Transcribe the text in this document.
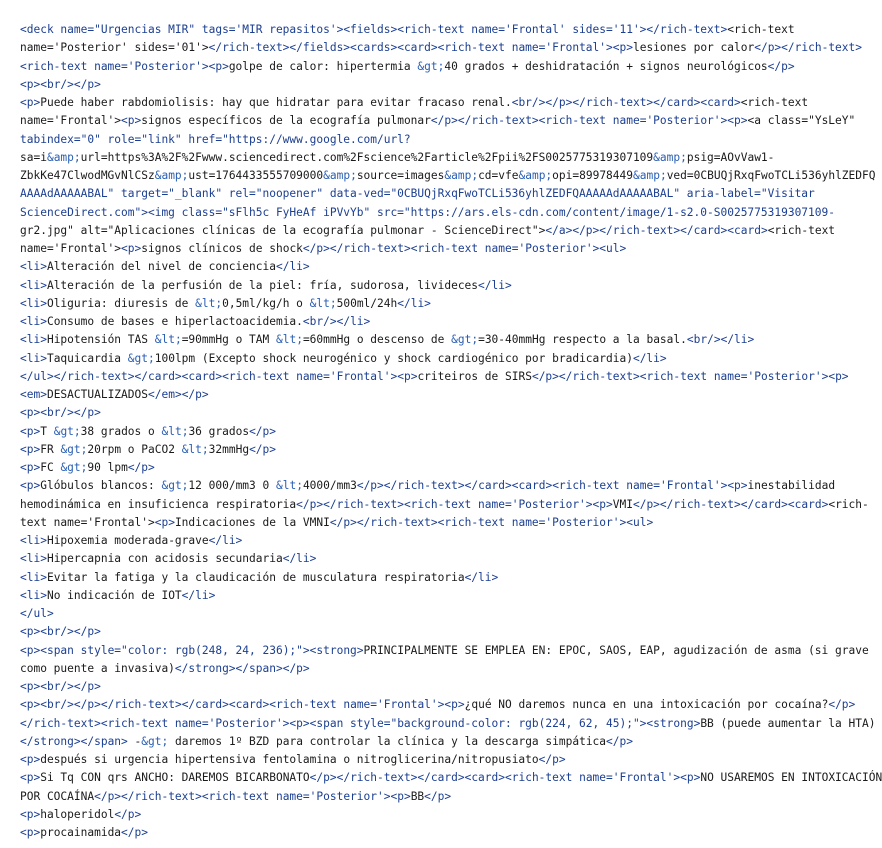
<deck name="Urgencias MIR" tags='MIR repasitos'><fields><rich-text name='Frontal' sides='11'></rich-text><rich-text
name='Posterior' sides='01'></rich-text></fields><cards><card><rich-text name='Frontal'><p>lesiones por calor</p></rich-text>
<rich-text name='Posterior'><p>golpe de calor: hipertermia &gt;40 grados + deshidratación + signos neurológicos</p>
<p><br/></p>
<p>Puede haber rabdomiolisis: hay que hidratar para evitar fracaso renal.<br/></p></rich-text></card><card><rich-text
name='Frontal'><p>signos específicos de la ecografía pulmonar</p></rich-text><rich-text name='Posterior'><p><a class="YsLeY"
tabindex="0" role="link" href="https://www.google.com/url?
sa=i&amp;url=https%3A%2F%2Fwww.sciencedirect.com%2Fscience%2Farticle%2Fpii%2FS0025775319307109&amp;psig=AOvVaw1-
ZbkKe47ClwodMGvNlCSz&amp;ust=1764433555709000&amp;source=images&amp;cd=vfe&amp;opi=89978449&amp;ved=0CBUQjRxqFwoTCLi536yhlZEDFQ
AAAAdAAAAABAL" target="_blank" rel="noopener" data-ved="0CBUQjRxqFwoTCLi536yhlZEDFQAAAAAdAAAAABAL" aria-label="Visitar
ScienceDirect.com"><img class="sFlh5c FyHeAf iPVvYb" src="https://ars.els-cdn.com/content/image/1-s2.0-S0025775319307109-
gr2.jpg" alt="Aplicaciones clínicas de la ecografía pulmonar - ScienceDirect"></a></p></rich-text></card><card><rich-text
name='Frontal'><p>signos clínicos de shock</p></rich-text><rich-text name='Posterior'><ul>
<li>Alteración del nivel de conciencia</li>
<li>Alteración de la perfusión de la piel: fría, sudorosa, livideces</li>
<li>Oliguria: diuresis de &lt;0,5ml/kg/h o &lt;500ml/24h</li>
<li>Consumo de bases e hiperlactoacidemia.<br/></li>
<li>Hipotensión TAS &lt;=90mmHg o TAM &lt;=60mmHg o descenso de &gt;=30-40mmHg respecto a la basal.<br/></li>
<li>Taquicardia &gt;100lpm (Excepto shock neurogénico y shock cardiogénico por bradicardia)</li>
</ul></rich-text></card><card><rich-text name='Frontal'><p>criteiros de SIRS</p></rich-text><rich-text name='Posterior'><p>
<em>DESACTUALIZADOS</em></p>
<p><br/></p>
<p>T &gt;38 grados o &lt;36 grados</p>
<p>FR &gt;20rpm o PaCO2 &lt;32mmHg</p>
<p>FC &gt;90 lpm</p>
<p>Glóbulos blancos: &gt;12 000/mm3 0 &lt;4000/mm3</p></rich-text></card><card><rich-text name='Frontal'><p>inestabilidad
hemodinámica en insuficienca respiratoria</p></rich-text><rich-text name='Posterior'><p>VMI</p></rich-text></card><card><rich-
text name='Frontal'><p>Indicaciones de la VMNI</p></rich-text><rich-text name='Posterior'><ul>
<li>Hipoxemia moderada-grave</li>
<li>Hipercapnia con acidosis secundaria</li>
<li>Evitar la fatiga y la claudicación de musculatura respiratoria</li>
<li>No indicación de IOT</li>
</ul>
<p><br/></p>
<p><span style="color: rgb(248, 24, 236);"><strong>PRINCIPALMENTE SE EMPLEA EN: EPOC, SAOS, EAP, agudización de asma (si grave
como puente a invasiva)</strong></span></p>
<p><br/></p>
<p><br/></p></rich-text></card><card><rich-text name='Frontal'><p>¿qué NO daremos nunca en una intoxicación por cocaína?</p>
</rich-text><rich-text name='Posterior'><p><span style="background-color: rgb(224, 62, 45);"><strong>BB (puede aumentar la HTA)
</strong></span> -&gt; daremos 1º BZD para controlar la clínica y la descarga simpática</p>
<p>después si urgencia hipertensiva fentolamina o nitroglicerina/nitropusiato</p>
<p>Si Tq CON qrs ANCHO: DAREMOS BICARBONATO</p></rich-text></card><card><rich-text name='Frontal'><p>NO USAREMOS EN INTOXICACIÓN
POR COCAÍNA</p></rich-text><rich-text name='Posterior'><p>BB</p>
<p>haloperidol</p>
<p>procainamida</p>
